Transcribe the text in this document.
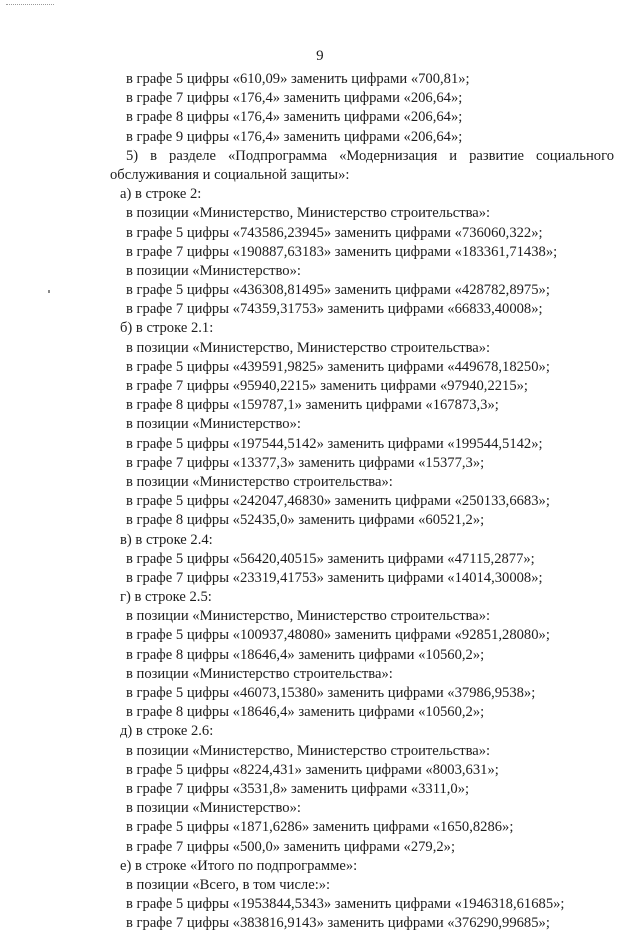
9
в графе 5 цифры «610,09» заменить цифрами «700,81»;
в графе 7 цифры «176,4» заменить цифрами «206,64»;
в графе 8 цифры «176,4» заменить цифрами «206,64»;
в графе 9 цифры «176,4» заменить цифрами «206,64»;
5) в разделе «Подпрограмма «Модернизация и развитие социального
обслуживания и социальной защиты»:
а) в строке 2:
в позиции «Министерство, Министерство строительства»:
в графе 5 цифры «743586,23945» заменить цифрами «736060,322»;
в графе 7 цифры «190887,63183» заменить цифрами «183361,71438»;
в позиции «Министерство»:
в графе 5 цифры «436308,81495» заменить цифрами «428782,8975»;
в графе 7 цифры «74359,31753» заменить цифрами «66833,40008»;
б) в строке 2.1:
в позиции «Министерство, Министерство строительства»:
в графе 5 цифры «439591,9825» заменить цифрами «449678,18250»;
в графе 7 цифры «95940,2215» заменить цифрами «97940,2215»;
в графе 8 цифры «159787,1» заменить цифрами «167873,3»;
в позиции «Министерство»:
в графе 5 цифры «197544,5142» заменить цифрами «199544,5142»;
в графе 7 цифры «13377,3» заменить цифрами «15377,3»;
в позиции «Министерство строительства»:
в графе 5 цифры «242047,46830» заменить цифрами «250133,6683»;
в графе 8 цифры «52435,0» заменить цифрами «60521,2»;
в) в строке 2.4:
в графе 5 цифры «56420,40515» заменить цифрами «47115,2877»;
в графе 7 цифры «23319,41753» заменить цифрами «14014,30008»;
г) в строке 2.5:
в позиции «Министерство, Министерство строительства»:
в графе 5 цифры «100937,48080» заменить цифрами «92851,28080»;
в графе 8 цифры «18646,4» заменить цифрами «10560,2»;
в позиции «Министерство строительства»:
в графе 5 цифры «46073,15380» заменить цифрами «37986,9538»;
в графе 8 цифры «18646,4» заменить цифрами «10560,2»;
д) в строке 2.6:
в позиции «Министерство, Министерство строительства»:
в графе 5 цифры «8224,431» заменить цифрами «8003,631»;
в графе 7 цифры «3531,8» заменить цифрами «3311,0»;
в позиции «Министерство»:
в графе 5 цифры «1871,6286» заменить цифрами «1650,8286»;
в графе 7 цифры «500,0» заменить цифрами «279,2»;
е) в строке «Итого по подпрограмме»:
в позиции «Всего, в том числе:»:
в графе 5 цифры «1953844,5343» заменить цифрами «1946318,61685»;
в графе 7 цифры «383816,9143» заменить цифрами «376290,99685»;
